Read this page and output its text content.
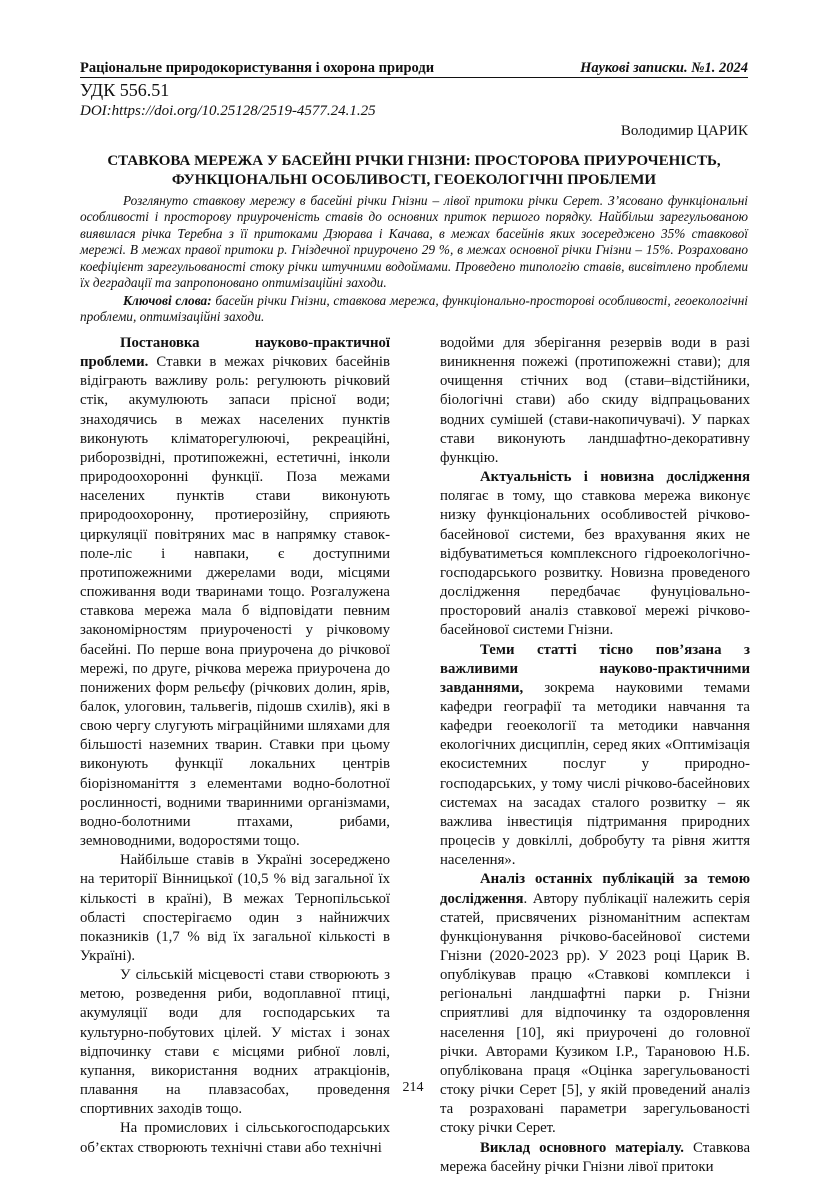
Раціональне природокористування і охорона природи	Наукові записки. №1. 2024
УДК 556.51
DOI:https://doi.org/10.25128/2519-4577.24.1.25
Володимир ЦАРИК
СТАВКОВА МЕРЕЖА У БАСЕЙНІ РІЧКИ ГНІЗНИ: ПРОСТОРОВА ПРИУРОЧЕНІСТЬ, ФУНКЦІОНАЛЬНІ ОСОБЛИВОСТІ, ГЕОЕКОЛОГІЧНІ ПРОБЛЕМИ
Розглянуто ставкову мережу в басейні річки Гнізни – лівої притоки річки Серет. З’ясовано функціональні особливості і просторову приуроченість ставів до основних приток першого порядку. Найбільш зарегульованою виявилася річка Теребна з її притоками Дзюрава і Качава, в межах басейнів яких зосереджено 35% ставкової мережі. В межах правої притоки р. Гніздечної приурочено 29 %, в межах основної річки Гнізни – 15%. Розраховано коефіцієнт зарегульованості стоку річки штучними водоймами. Проведено типологію ставів, висвітлено проблеми їх деградації та запропоновано оптимізаційні заходи.
Ключові слова: басейн річки Гнізни, ставкова мережа, функціонально-просторові особливості, геоекологічні проблеми, оптимізаційні заходи.

Постановка науково-практичної проблеми. Ставки в межах річкових басейнів відіграють важливу роль: регулюють річковий стік, акумулюють запаси прісної води; знаходячись в межах населених пунктів виконують кліматорегулюючі, рекреаційні, риборозвідні, протипожежні, естетичні, інколи природоохоронні функції. Поза межами населених пунктів стави виконують природоохоронну, протиерозійну, сприяють циркуляції повітряних мас в напрямку ставок-поле-ліс і навпаки, є доступними протипожежними джерелами води, місцями споживання води тваринами тощо. Розгалужена ставкова мережа мала б відповідати певним закономірностям приуроченості у річковому басейні. По перше вона приурочена до річкової мережі, по друге, річкова мережа приурочена до понижених форм рельєфу (річкових долин, ярів, балок, улоговин, тальвегів, підошв схилів), які в свою чергу слугують міграційними шляхами для більшості наземних тварин. Ставки при цьому виконують функції локальних центрів біорізноманіття з елементами водно-болотної рослинності, водними тваринними організмами, водно-болотними птахами, рибами, земноводними, водоростями тощо.

Найбільше ставів в Україні зосереджено на території Вінницької (10,5 % від загальної їх кількості в країні), В межах Тернопільської області спостерігаємо один з найнижчих показників (1,7 % від їх загальної кількості в Україні).

У сільській місцевості стави створюють з метою, розведення риби, водоплавної птиці, акумуляції води для господарських та культурно-побутових цілей. У містах і зонах відпочинку стави є місцями рибної ловлі, купання, використання водних атракціонів, плавання на плавзасобах, проведення спортивних заходів тощо.

На промислових і сільськогосподарських об’єктах створюють технічні стави або технічні

водойми для зберігання резервів води в разі виникнення пожежі (протипожежні стави); для очищення стічних вод (стави–відстійники, біологічні стави) або скиду відпрацьованих водних сумішей (стави-накопичувачі). У парках стави виконують ландшафтно-декоративну функцію.

Актуальність і новизна дослідження полягає в тому, що ставкова мережа виконує низку функціональних особливостей річково-басейнової системи, без врахування яких не відбуватиметься комплексного гідроекологічно-господарського розвитку. Новизна проведеного дослідження передбачає фунуціовально-просторовий аналіз ставкової мережі річково-басейнової системи Гнізни.

Теми статті тісно пов’язана з важливими науково-практичними завданнями, зокрема науковими темами кафедри географії та методики навчання та кафедри геоекології та методики навчання екологічних дисциплін, серед яких «Оптимізація екосистемних послуг у природно-господарських, у тому числі річково-басейнових системах на засадах сталого розвитку – як важлива інвестиція підтримання природних процесів у довкіллі, добробуту та рівня життя населення».

Аналіз останніх публікацій за темою дослідження. Автору публікації належить серія статей, присвячених різноманітним аспектам функціонування річково-басейнової системи Гнізни (2020-2023 рр). У 2023 році Царик В. опублікував працю «Ставкові комплекси і регіональні ландшафтні парки р. Гнізни сприятливі для відпочинку та оздоровлення населення [10], які приурочені до головної річки. Авторами Кузиком І.Р., Тарановою Н.Б. опублікована праця «Оцінка зарегульованості стоку річки Серет [5], у якій проведений аналіз та розраховані параметри зарегульованості стоку річки Серет.

Виклад основного матеріалу. Ставкова мережа басейну річки Гнізни лівої притоки

214
